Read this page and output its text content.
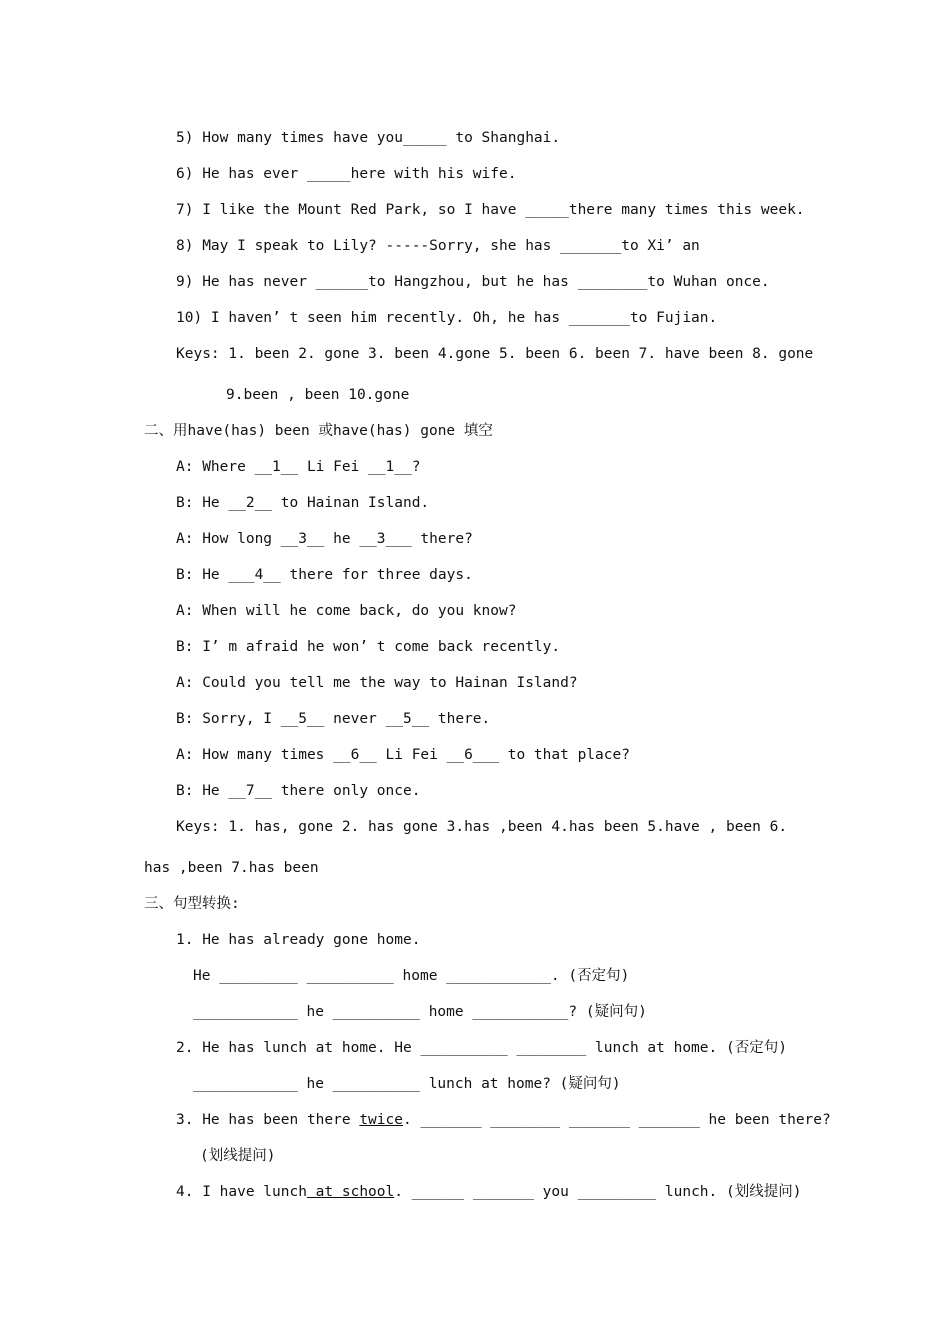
5) How many times have you_____ to Shanghai.
6) He has ever _____here with his wife.
7) I like the Mount Red Park, so I have _____there many times this week.
8) May I speak to Lily? -----Sorry, she has _______to Xi’ an
9) He has never ______to Hangzhou, but he has ________to Wuhan once.
10) I haven’ t seen him recently. Oh, he has _______to Fujian.
Keys: 1. been 2. gone 3. been 4.gone 5. been 6. been 7. have been 8. gone
9.been , been 10.gone
二、用have(has) been 或have(has) gone 填空
A: Where __1__ Li Fei __1__?
B: He __2__ to Hainan Island.
A: How long __3__ he __3___ there?
B: He ___4__ there for three days.
A: When will he come back, do you know?
B: I’ m afraid he won’ t come back recently.
A: Could you tell me the way to Hainan Island?
B: Sorry, I __5__ never __5__ there.
A: How many times __6__ Li Fei __6___ to that place?
B: He __7__ there only once.
Keys: 1. has, gone 2. has gone 3.has ,been 4.has been 5.have , been 6.
has ,been 7.has been
三、句型转换:
1. He has already gone home.
He _________ __________ home ____________. (否定句)
____________ he __________ home ___________? (疑问句)
2. He has lunch at home. He __________ ________ lunch at home. (否定句)
____________ he __________ lunch at home? (疑问句)
3. He has been there twice. _______ ________ _______ _______ he been there?
(划线提问)
4. I have lunch at school. ______ _______ you _________ lunch. (划线提问)
